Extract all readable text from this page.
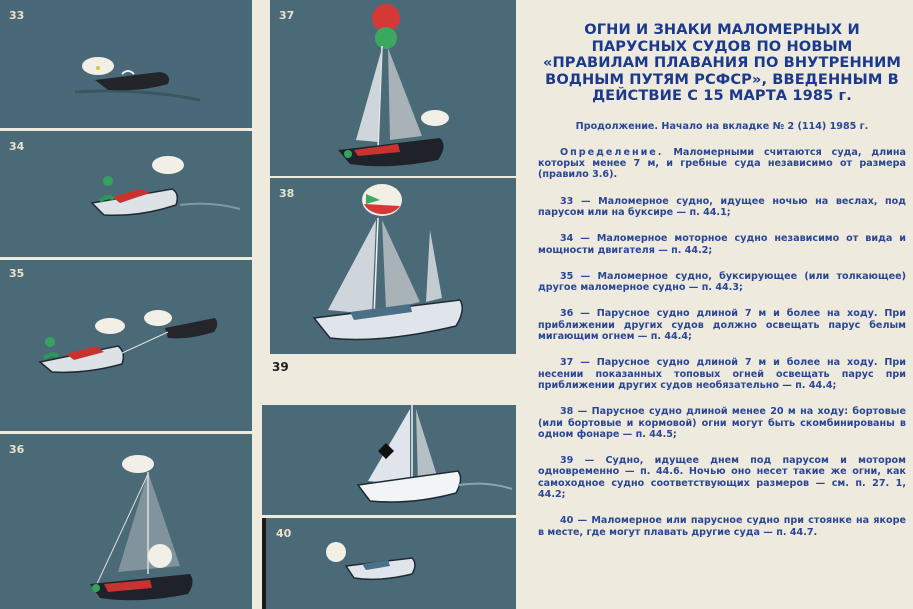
33
34
35
36
37
38
39
40
ОГНИ И ЗНАКИ МАЛОМЕРНЫХ И ПАРУСНЫХ СУДОВ ПО НОВЫМ «ПРАВИЛАМ ПЛАВАНИЯ ПО ВНУТРЕННИМ ВОДНЫМ ПУТЯМ РСФСР», ВВЕДЕННЫМ В ДЕЙСТВИЕ С 15 МАРТА 1985 г.

Продолжение. Начало на вкладке № 2 (114) 1985 г.

Определение. Маломерными считаются суда, длина которых менее 7 м, и гребные суда независимо от размера (правило 3.6).

33 — Маломерное судно, идущее ночью на веслах, под парусом или на буксире — п. 44.1;

34 — Маломерное моторное судно независимо от вида и мощности двигателя — п. 44.2;

35 — Маломерное судно, буксирующее (или толкающее) другое маломерное судно — п. 44.3;

36 — Парусное судно длиной 7 м и более на ходу. При приближении других судов должно освещать парус белым мигающим огнем — п. 44.4;

37 — Парусное судно длиной 7 м и более на ходу. При несении показанных топовых огней освещать парус при приближении других судов необязательно — п. 44.4;

38 — Парусное судно длиной менее 20 м на ходу: бортовые (или бортовые и кормовой) огни могут быть скомбинированы в одном фонаре — п. 44.5;

39 — Судно, идущее днем под парусом и мотором одновременно — п. 44.6. Ночью оно несет такие же огни, как самоходное судно соответствующих размеров — см. п. 27. 1, 44.2;

40 — Маломерное или парусное судно при стоянке на якоре в месте, где могут плавать другие суда — п. 44.7.
